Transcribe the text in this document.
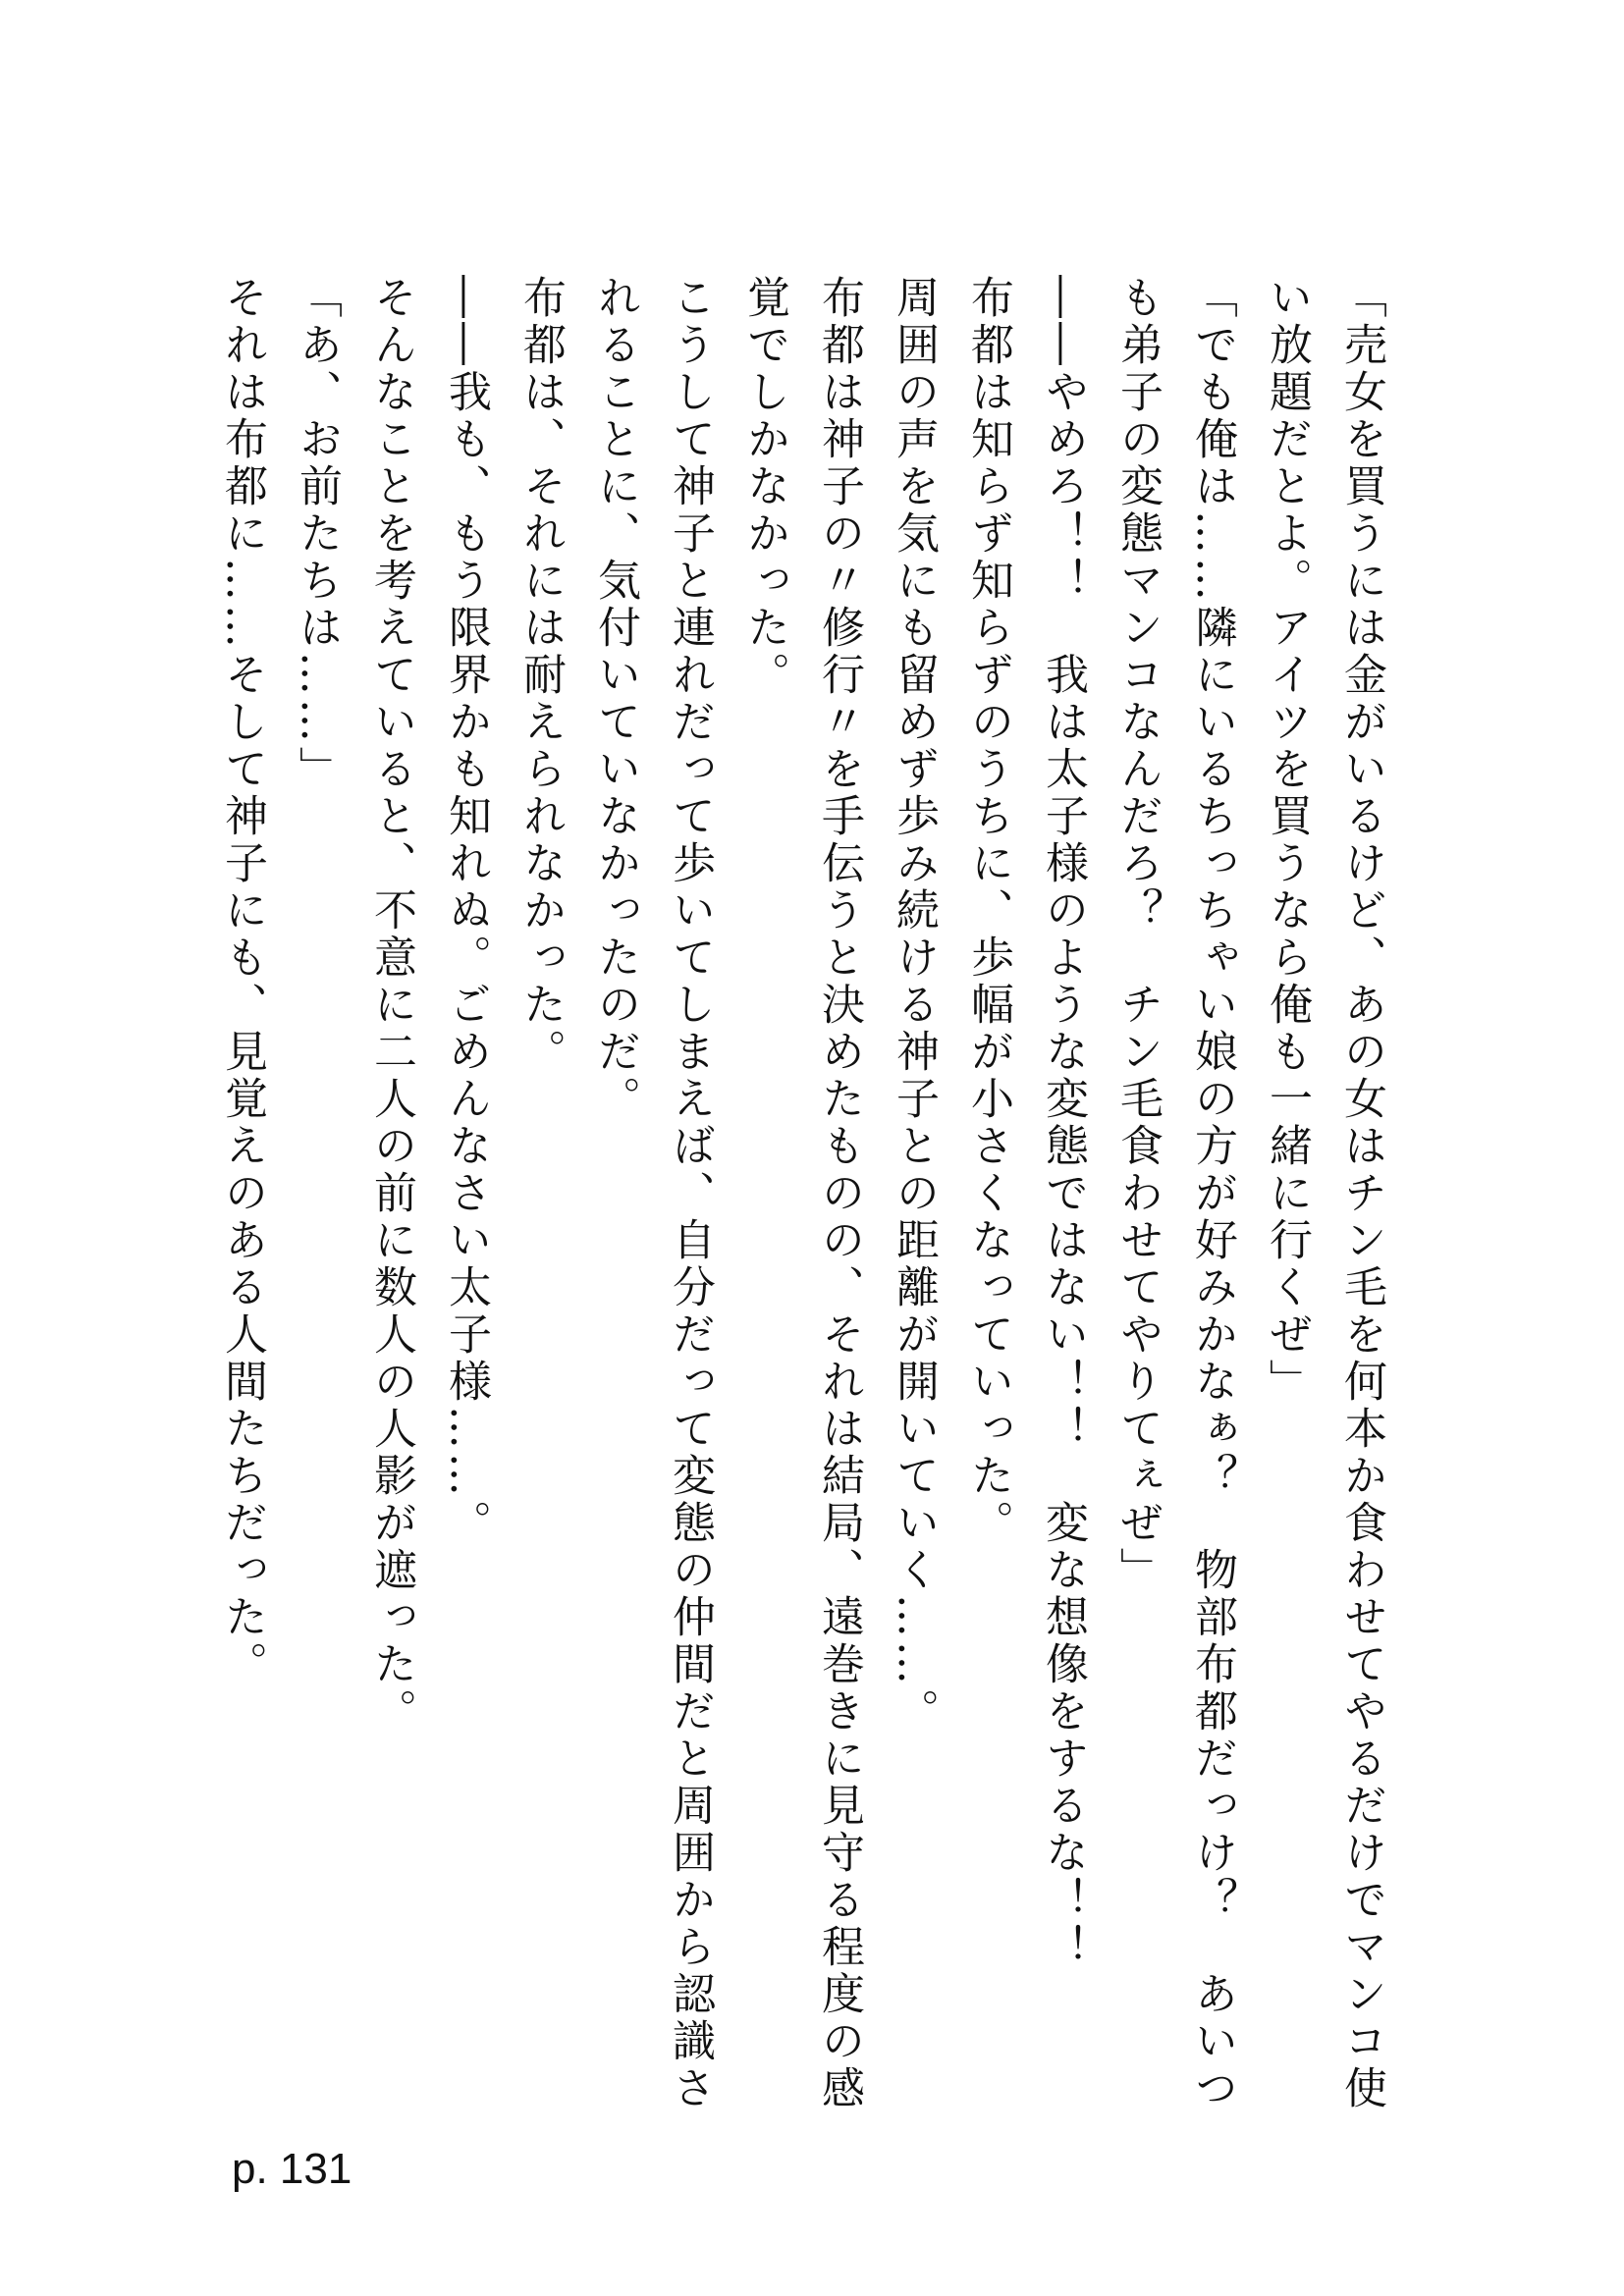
「売女を買うには金がいるけど、あの女はチン毛を何本か食わせてやるだけでマンコ使い放題だとよ。アイツを買うなら俺も一緒に行くぜ」

「でも俺は……隣にいるちっちゃい娘の方が好みかなぁ？　物部布都だっけ？　あいつも弟子の変態マンコなんだろ？　チン毛食わせてやりてぇぜ」

――やめろ！！　我は太子様のような変態ではない！！　変な想像をするな！！

布都は知らず知らずのうちに、歩幅が小さくなっていった。

周囲の声を気にも留めず歩み続ける神子との距離が開いていく……。

布都は神子の〃修行〃を手伝うと決めたものの、それは結局、遠巻きに見守る程度の感覚でしかなかった。

こうして神子と連れだって歩いてしまえば、自分だって変態の仲間だと周囲から認識されることに、気付いていなかったのだ。

布都は、それには耐えられなかった。

――我も、もう限界かも知れぬ。ごめんなさい太子様……。

そんなことを考えていると、不意に二人の前に数人の人影が遮った。

「あ、お前たちは……」

それは布都に……そして神子にも、見覚えのある人間たちだった。

p. 131
